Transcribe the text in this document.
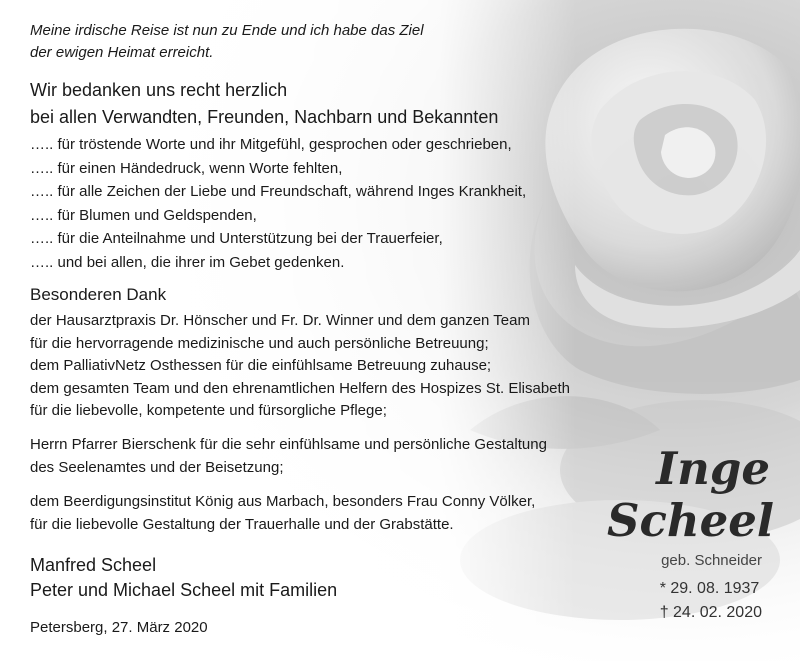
Meine irdische Reise ist nun zu Ende und ich habe das Ziel
der ewigen Heimat erreicht.
Wir bedanken uns recht herzlich
bei allen Verwandten, Freunden, Nachbarn und Bekannten
….. für tröstende Worte und ihr Mitgefühl, gesprochen oder geschrieben,
….. für einen Händedruck, wenn Worte fehlten,
….. für alle Zeichen der Liebe und Freundschaft, während Inges Krankheit,
….. für Blumen und Geldspenden,
….. für die Anteilnahme und Unterstützung bei der Trauerfeier,
….. und bei allen, die ihrer im Gebet gedenken.
Besonderen Dank
der Hausarztpraxis Dr. Hönscher und Fr. Dr. Winner und dem ganzen Team
für die hervorragende medizinische und auch persönliche Betreuung;
dem PalliativNetz Osthessen für die einfühlsame Betreuung zuhause;
dem gesamten Team und den ehrenamtlichen Helfern des Hospizes St. Elisabeth
für die liebevolle, kompetente und fürsorgliche Pflege;
Herrn Pfarrer Bierschenk für die sehr einfühlsame und persönliche Gestaltung
des Seelenamtes und der Beisetzung;
dem Beerdigungsinstitut König aus Marbach, besonders Frau Conny Völker,
für die liebevolle Gestaltung der Trauerhalle und der Grabstätte.
Manfred Scheel
Peter und Michael Scheel mit Familien
Petersberg, 27. März 2020
Inge
Scheel
geb. Schneider
* 29. 08. 1937
† 24. 02. 2020
